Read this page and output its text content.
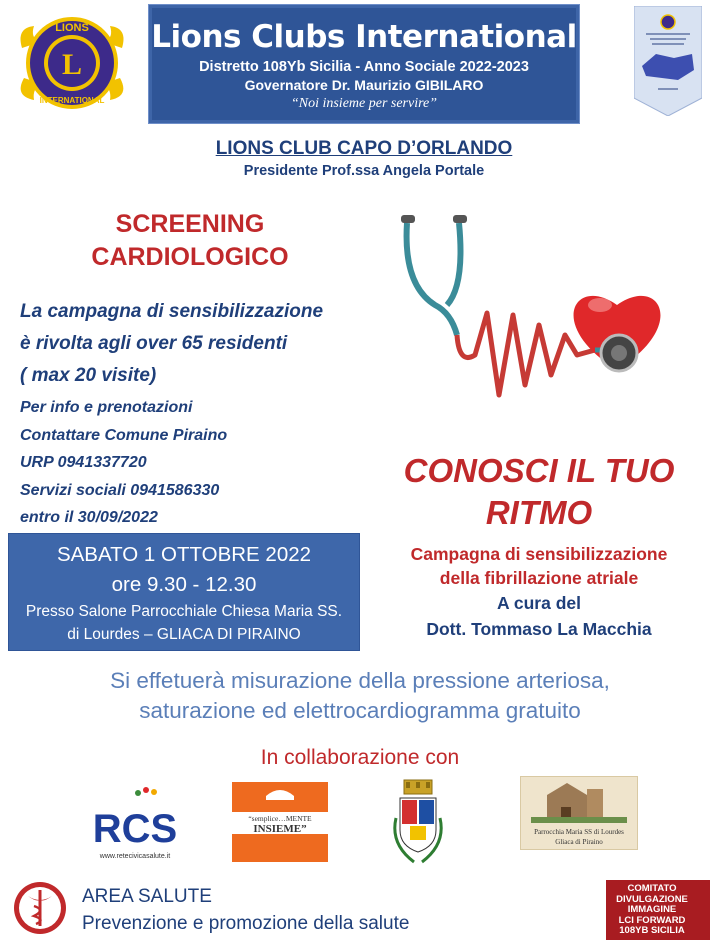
L
LIONS
INTERNATIONAL
Lions Clubs International
Distretto 108Yb Sicilia - Anno Sociale 2022-2023
Governatore Dr. Maurizio GIBILARO
“Noi insieme per servire”
LIONS CLUB CAPO D’ORLANDO
Presidente Prof.ssa Angela Portale
SCREENING
CARDIOLOGICO
La campagna di sensibilizzazione
è rivolta agli over 65 residenti
( max 20 visite)
Per info e prenotazioni
Contattare Comune Piraino
URP 0941337720
Servizi sociali 0941586330
entro il 30/09/2022
CONOSCI IL TUO
RITMO
Campagna di sensibilizzazione
della fibrillazione atriale
A cura del
Dott. Tommaso La Macchia
SABATO 1 OTTOBRE 2022
ore 9.30 - 12.30
Presso Salone Parrocchiale Chiesa Maria SS.
di Lourdes – GLIACA DI PIRAINO
Si effetuerà misurazione della pressione arteriosa,
saturazione ed elettrocardiogramma gratuito
In collaborazione con
RCS
www.retecivicasalute.it
“semplice…MENTE
INSIEME”	Parrocchia Maria SS di Lourdes
Gliaca di Piraino
AREA SALUTE
Prevenzione e promozione della salute
COMITATO
DIVULGAZIONE
IMMAGINE
LCI FORWARD
108YB SICILIA
